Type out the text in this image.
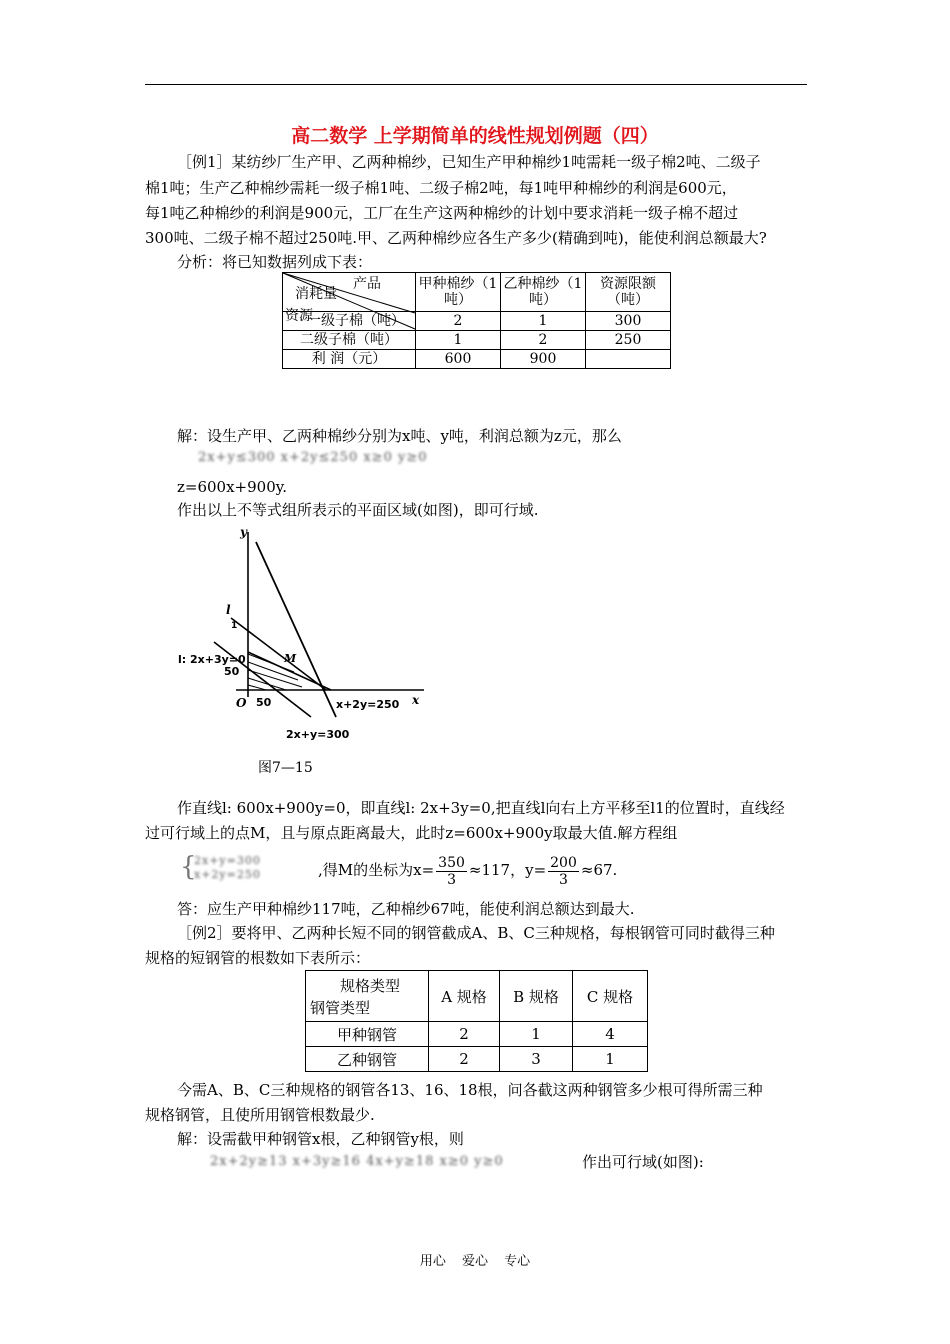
高二数学 上学期简单的线性规划例题（四）
［例1］某纺纱厂生产甲、乙两种棉纱，已知生产甲种棉纱1吨需耗一级子棉2吨、二级子
棉1吨；生产乙种棉纱需耗一级子棉1吨、二级子棉2吨，每1吨甲种棉纱的利润是600元，
每1吨乙种棉纱的利润是900元，工厂在生产这两种棉纱的计划中要求消耗一级子棉不超过
300吨、二级子棉不超过250吨.甲、乙两种棉纱应各生产多少(精确到吨)，能使利润总额最大?
分析：将已知数据列成下表：
产品
消耗量
资源	甲种棉纱（1吨）	乙种棉纱（1吨）	资源限额（吨）
一级子棉（吨）	2	1	300
二级子棉（吨）	1	2	250
利 润（元）	600	900	
解：设生产甲、乙两种棉纱分别为x吨、y吨，利润总额为z元，那么
2x+y≤300 x+2y≤250 x≥0 y≥0
z=600x+900y.
作出以上不等式组所表示的平面区域(如图)，即可行域.
y
x
O
l
1
l: 2x+3y=0	M
50
50	x+2y=250
2x+y=300
图7—15
作直线l: 600x+900y=0，即直线l: 2x+3y=0,把直线l向右上方平移至l1的位置时，直线经
过可行域上的点M，且与原点距离最大，此时z=600x+900y取最大值.解方程组
{
2x+y=300
x+2y=250	,得M的坐标为$x= \frac{350}{3} \approx 117$，$y= \frac{200}{3} \approx 67$.
答：应生产甲种棉纱117吨，乙种棉纱67吨，能使利润总额达到最大.
［例2］要将甲、乙两种长短不同的钢管截成A、B、C三种规格，每根钢管可同时截得三种
规格的短钢管的根数如下表所示：
规格类型
钢管类型	A 规格	B 规格	C 规格
甲种钢管	2	1	4
乙种钢管	2	3	1
今需A、B、C三种规格的钢管各13、16、18根，问各截这两种钢管多少根可得所需三种
规格钢管，且使所用钢管根数最少.
解：设需截甲种钢管x根，乙种钢管y根，则
2x+2y≥13 x+3y≥16 4x+y≥18 x≥0 y≥0	作出可行域(如图):
用心 爱心 专心
